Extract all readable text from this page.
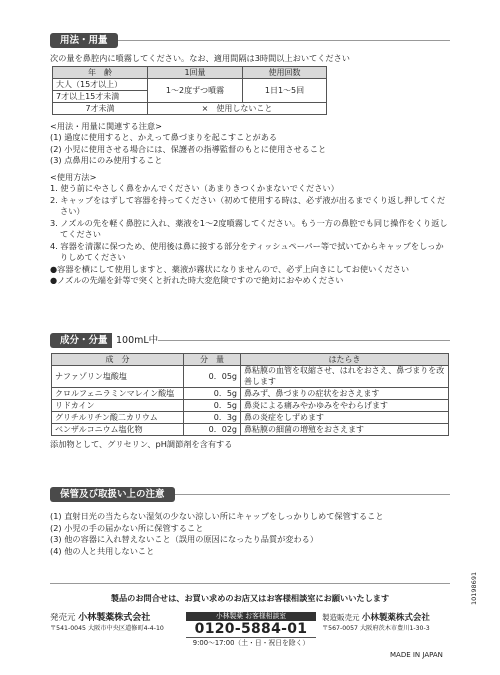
用法・用量
次の量を鼻腔内に噴霧してください。なお、適用間隔は3時間以上おいてください
年　齢	1回量	使用回数
大人（15才以上）	1〜2度ずつ噴霧	1日1〜5回
7才以上15才未満		
7才未満	×　使用しないこと	
<用法・用量に関連する注意>
(1) 過度に使用すると、かえって鼻づまりを起こすことがある
(2) 小児に使用させる場合には、保護者の指導監督のもとに使用させること
(3) 点鼻用にのみ使用すること
<使用方法>
1. 使う前にやさしく鼻をかんでください（あまりきつくかまないでください）
2. キャップをはずして容器を持ってください（初めて使用する時は、必ず液が出るまでくり返し押してください）
3. ノズルの先を軽く鼻腔に入れ、薬液を1〜2度噴霧してください。もう一方の鼻腔でも同じ操作をくり返してください
4. 容器を清潔に保つため、使用後は鼻に接する部分をティッシュペーパー等で拭いてからキャップをしっかりしめてください
●容器を横にして使用しますと、薬液が霧状になりませんので、必ず上向きにしてお使いください
●ノズルの先端を針等で突くと折れた時大変危険ですので絶対におやめください
成分・分量 100mL中
成　分	分　量	はたらき
ナファゾリン塩酸塩	0．05g	鼻粘膜の血管を収縮させ、はれをおさえ、鼻づまりを改善します
クロルフェニラミンマレイン酸塩	0．5g	鼻みず、鼻づまりの症状をおさえます
リドカイン	0．5g	鼻炎による痛みやかゆみをやわらげます
グリチルリチン酸二カリウム	0．3g	鼻の炎症をしずめます
ベンザルコニウム塩化物	0．02g	鼻粘膜の細菌の増殖をおさえます
添加物として、グリセリン、pH調節剤を含有する
保管及び取扱い上の注意
(1) 直射日光の当たらない湿気の少ない涼しい所にキャップをしっかりしめて保管すること
(2) 小児の手の届かない所に保管すること
(3) 他の容器に入れ替えないこと（誤用の原因になったり品質が変わる）
(4) 他の人と共用しないこと
製品のお問合せは、お買い求めのお店又はお客様相談室にお願いいたします
発売元 小林製薬株式会社
〒541-0045 大阪市中央区道修町4-4-10
小林製薬 お客様相談室
0120-5884-01
9:00〜17:00（土・日・祝日を除く）
製造販売元 小林製薬株式会社
〒567-0057 大阪府茨木市豊川1-30-3
MADE IN JAPAN
10198691
